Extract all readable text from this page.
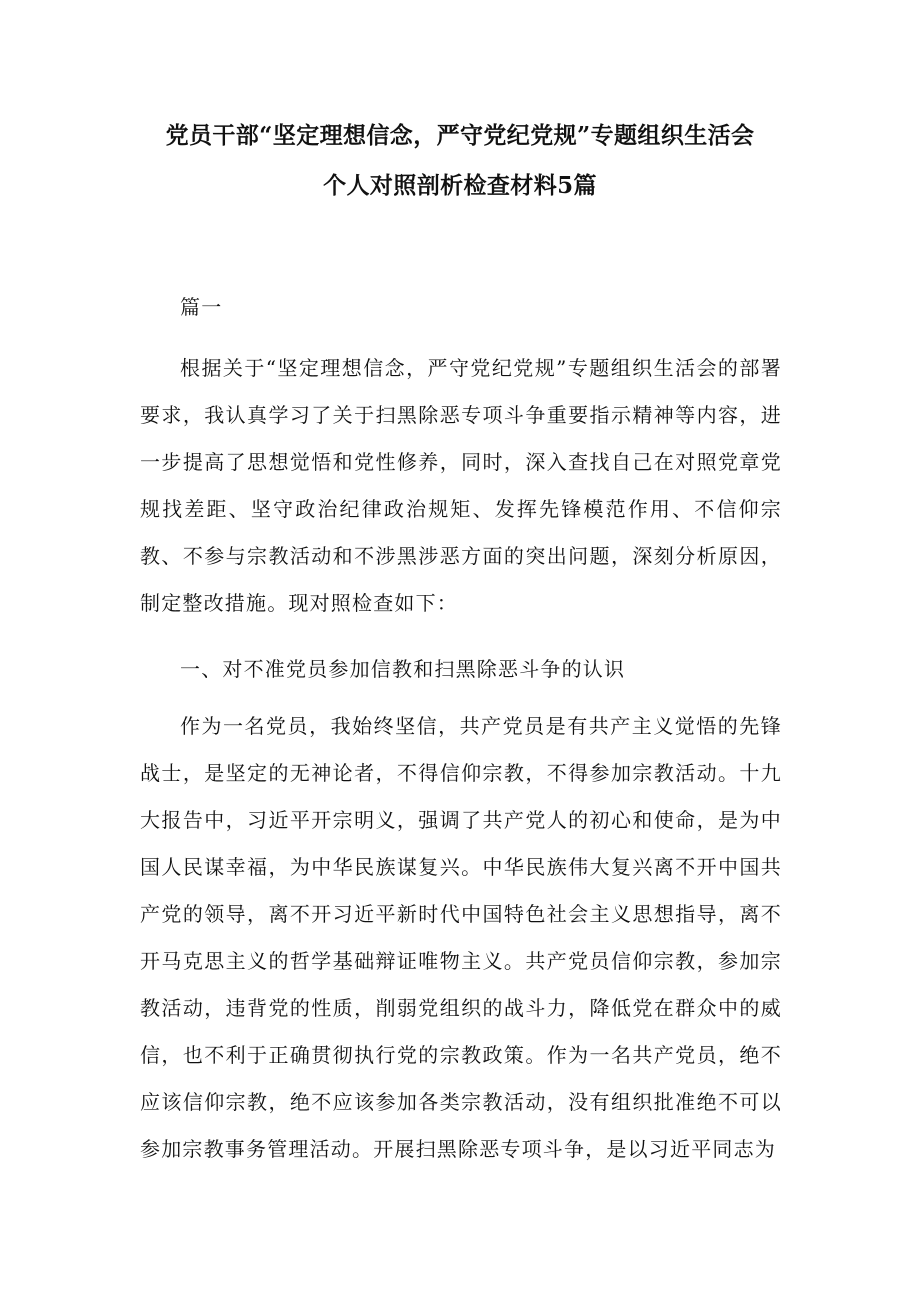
党员干部“坚定理想信念，严守党纪党规”专题组织生活会
个人对照剖析检查材料5篇
篇一

根据关于“坚定理想信念，严守党纪党规”专题组织生活会的部署要求，我认真学习了关于扫黑除恶专项斗争重要指示精神等内容，进一步提高了思想觉悟和党性修养，同时，深入查找自己在对照党章党规找差距、坚守政治纪律政治规矩、发挥先锋模范作用、不信仰宗教、不参与宗教活动和不涉黑涉恶方面的突出问题，深刻分析原因，制定整改措施。现对照检查如下：

一、对不准党员参加信教和扫黑除恶斗争的认识

作为一名党员，我始终坚信，共产党员是有共产主义觉悟的先锋战士，是坚定的无神论者，不得信仰宗教，不得参加宗教活动。十九大报告中，习近平开宗明义，强调了共产党人的初心和使命，是为中国人民谋幸福，为中华民族谋复兴。中华民族伟大复兴离不开中国共产党的领导，离不开习近平新时代中国特色社会主义思想指导，离不开马克思主义的哲学基础辩证唯物主义。共产党员信仰宗教，参加宗教活动，违背党的性质，削弱党组织的战斗力，降低党在群众中的威信，也不利于正确贯彻执行党的宗教政策。作为一名共产党员，绝不应该信仰宗教，绝不应该参加各类宗教活动，没有组织批准绝不可以参加宗教事务管理活动。开展扫黑除恶专项斗争，是以习近平同志为
